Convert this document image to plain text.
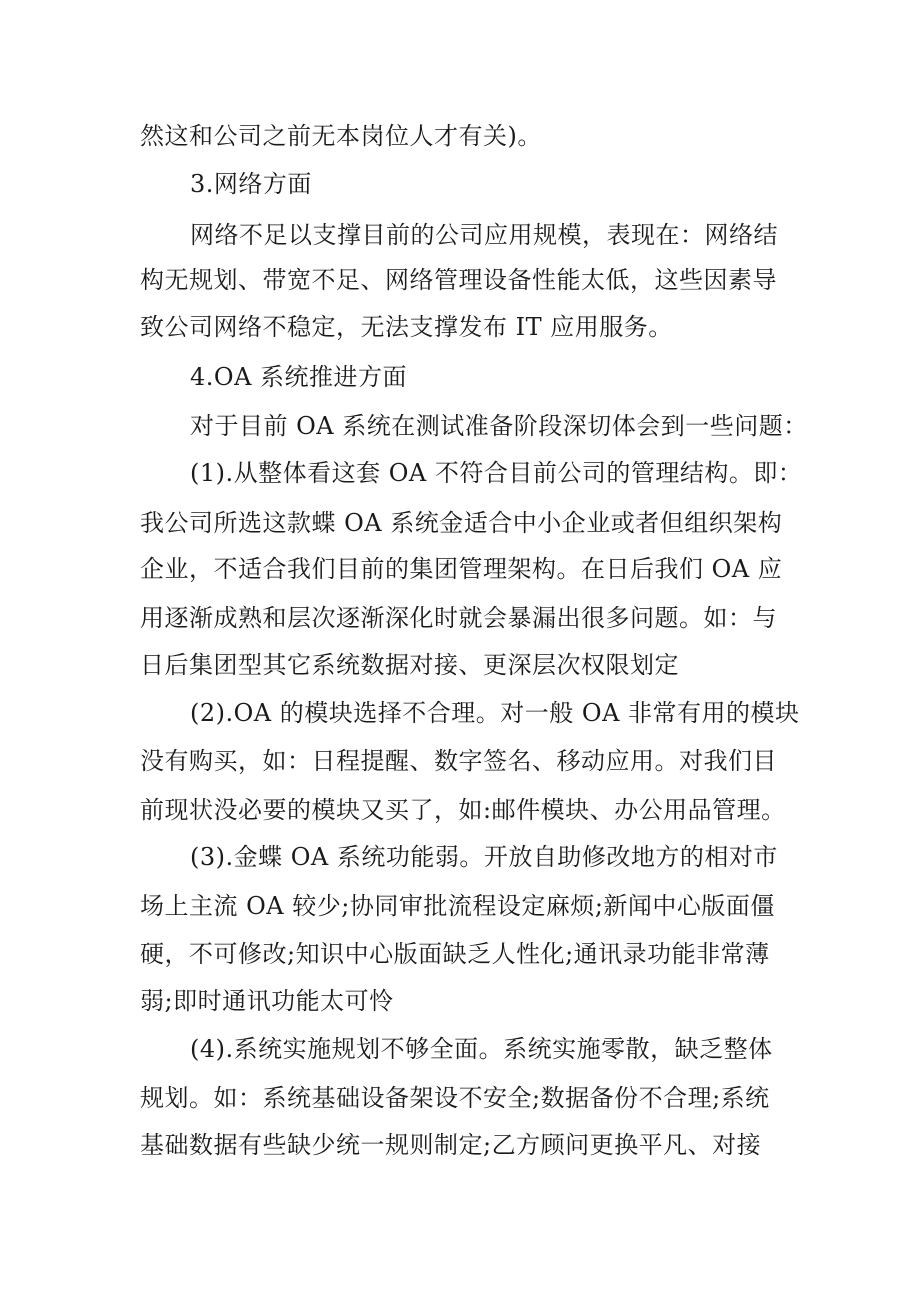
然这和公司之前无本岗位人才有关)。
3.网络方面
网络不足以支撑目前的公司应用规模，表现在：网络结
构无规划、带宽不足、网络管理设备性能太低，这些因素导
致公司网络不稳定，无法支撑发布 IT 应用服务。
4.OA 系统推进方面
对于目前 OA 系统在测试准备阶段深切体会到一些问题：
(1).从整体看这套 OA 不符合目前公司的管理结构。即：
我公司所选这款蝶 OA 系统金适合中小企业或者但组织架构
企业，不适合我们目前的集团管理架构。在日后我们 OA 应
用逐渐成熟和层次逐渐深化时就会暴漏出很多问题。如：与
日后集团型其它系统数据对接、更深层次权限划定
(2).OA 的模块选择不合理。对一般 OA 非常有用的模块
没有购买，如：日程提醒、数字签名、移动应用。对我们目
前现状没必要的模块又买了，如:邮件模块、办公用品管理。
(3).金蝶 OA 系统功能弱。开放自助修改地方的相对市
场上主流 OA 较少;协同审批流程设定麻烦;新闻中心版面僵
硬，不可修改;知识中心版面缺乏人性化;通讯录功能非常薄
弱;即时通讯功能太可怜
(4).系统实施规划不够全面。系统实施零散，缺乏整体
规划。如：系统基础设备架设不安全;数据备份不合理;系统
基础数据有些缺少统一规则制定;乙方顾问更换平凡、对接
